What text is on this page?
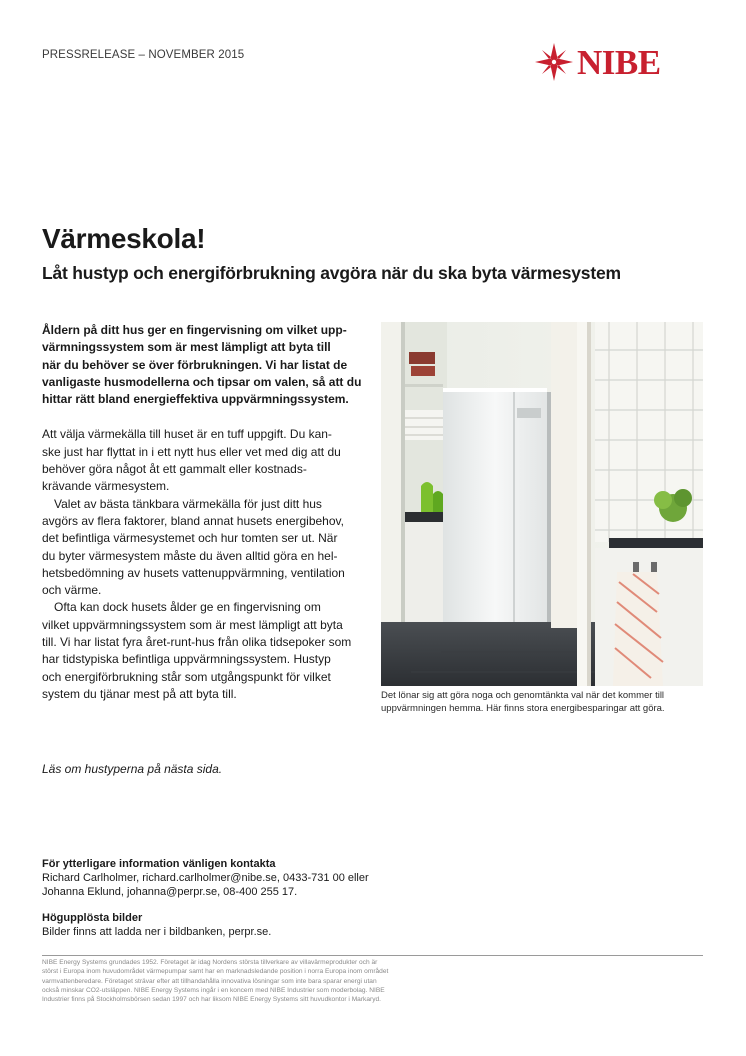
PRESSRELEASE – NOVEMBER 2015	NIBE
Värmeskola!
Låt hustyp och energiförbrukning avgöra när du ska byta värmesystem

Åldern på ditt hus ger en fingervisning om vilket upp-
värmningssystem som är mest lämpligt att byta till
när du behöver se över förbrukningen. Vi har listat de
vanligaste husmodellerna och tipsar om valen, så att du
hittar rätt bland energieffektiva uppvärmningssystem.

Att välja värmekälla till huset är en tuff uppgift. Du kan-
ske just har flyttat in i ett nytt hus eller vet med dig att du
behöver göra något åt ett gammalt eller kostnads-
krävande värmesystem.

Valet av bästa tänkbara värmekälla för just ditt hus
avgörs av flera faktorer, bland annat husets energibehov,
det befintliga värmesystemet och hur tomten ser ut. När
du byter värmesystem måste du även alltid göra en hel-
hetsbedömning av husets vattenuppvärmning, ventilation
och värme.

Ofta kan dock husets ålder ge en fingervisning om
vilket uppvärmningssystem som är mest lämpligt att byta
till. Vi har listat fyra året-runt-hus från olika tidsepoker som
har tidstypiska befintliga uppvärmningssystem. Hustyp
och energiförbrukning står som utgångspunkt för vilket
system du tjänar mest på att byta till.	Det lönar sig att göra noga och genomtänkta val när det kommer till
uppvärmningen hemma. Här finns stora energibesparingar att göra.
Läs om hustyperna på nästa sida.

För ytterligare information vänligen kontakta

Richard Carlholmer, richard.carlholmer@nibe.se, 0433-731 00 eller

Johanna Eklund, johanna@perpr.se, 08-400 255 17.

Högupplösta bilder

Bilder finns att ladda ner i bildbanken, perpr.se.

NIBE Energy Systems grundades 1952. Företaget är idag Nordens största tillverkare av villavärmeprodukter och är
störst i Europa inom huvudområdet värmepumpar samt har en marknadsledande position i norra Europa inom området
varmvattenberedare. Företaget strävar efter att tillhandahålla innovativa lösningar som inte bara sparar energi utan
också minskar CO2-utsläppen. NIBE Energy Systems ingår i en koncern med NIBE Industrier som moderbolag. NIBE
Industrier finns på Stockholmsbörsen sedan 1997 och har liksom NIBE Energy Systems sitt huvudkontor i Markaryd.
